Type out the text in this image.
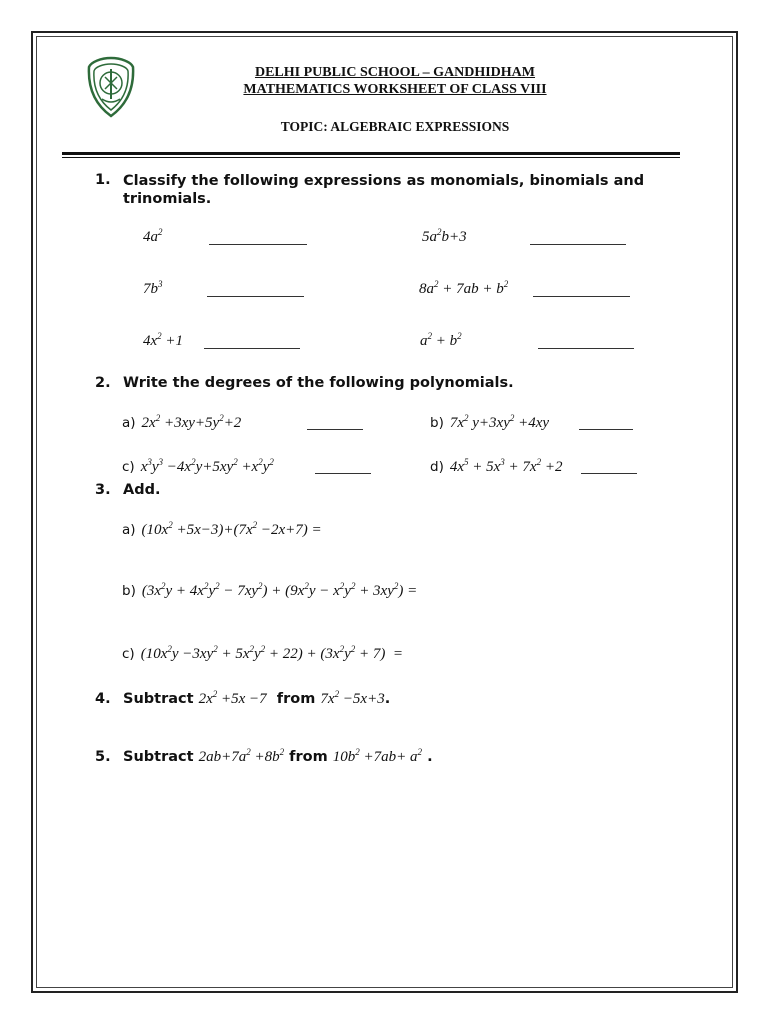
DELHI PUBLIC SCHOOL – GANDHIDHAM
MATHEMATICS WORKSHEET OF CLASS VIII
TOPIC: ALGEBRAIC EXPRESSIONS
1. Classify the following expressions as monomials, binomials and trinomials.
$4a^2$	$5a^2b+3$
$7b^3$	$8a^2 + 7ab + b^2$
$4x^2 +1$	$a^2 + b^2$
2. Write the degrees of the following polynomials.
a) $2x^2 +3xy+5y^2+2$	b) $7x^2$ $y+3xy^2 +4xy$
c) $x^3y^3 -4x^2y+5xy^2 +x^2y^2$	d) $4x^5 + 5x^3 + 7x^2 +2$
3. Add.
a) $(10x^2 +5x-3)+(7x^2 -2x+7)$ =
b) $(3x^2y + 4x^2y^2 - 7xy^2) + (9x^2y - x^2y^2 + 3xy^2)$ =
c) $(10x^2y -3xy^2 + 5x^2y^2 + 22) + (3x^2y^2 + 7)$  =
4. Subtract $2x^2 +5x -7$ from $7x^2 -5x+3$.
5. Subtract $2ab+7a^2 +8b^2$ from $10b^2 +7ab+ a^2$ .
